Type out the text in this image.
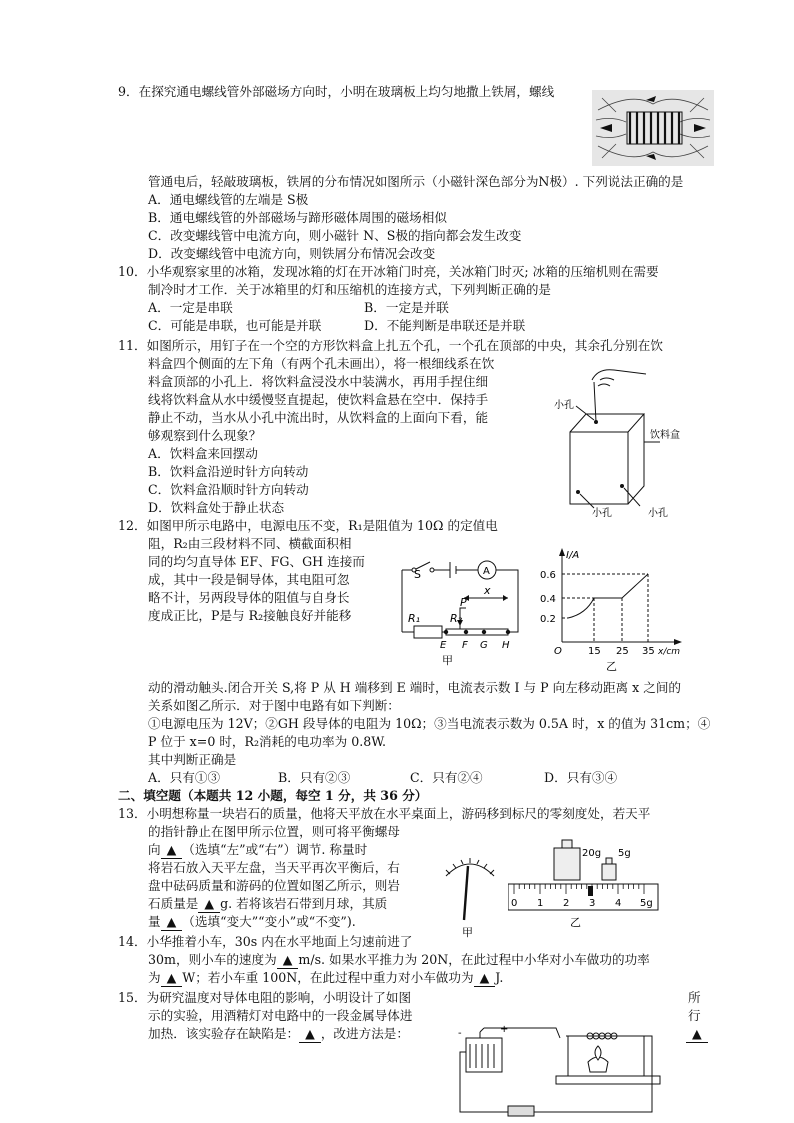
9．在探究通电螺线管外部磁场方向时，小明在玻璃板上均匀地撒上铁屑，螺线
管通电后，轻敲玻璃板，铁屑的分布情况如图所示（小磁针深色部分为N极）. 下列说法正确的是
A．通电螺线管的左端是 S极
B．通电螺线管的外部磁场与蹄形磁体周围的磁场相似
C．改变螺线管中电流方向，则小磁针 N、S极的指向都会发生改变
D．改变螺线管中电流方向，则铁屑分布情况会改变
10．小华观察家里的冰箱，发现冰箱的灯在开冰箱门时亮，关冰箱门时灭; 冰箱的压缩机则在需要
制冷时才工作．关于冰箱里的灯和压缩机的连接方式，下列判断正确的是
A．一定是串联	B．一定是并联
C．可能是串联，也可能是并联	D．不能判断是串联还是并联
11．如图所示，用钉子在一个空的方形饮料盒上扎五个孔，一个孔在顶部的中央，其余孔分别在饮
料盒四个侧面的左下角（有两个孔未画出），将一根细线系在饮
料盒顶部的小孔上．将饮料盒浸没水中装满水，再用手捏住细
线将饮料盒从水中缓慢竖直提起，使饮料盒悬在空中．保持手
静止不动，当水从小孔中流出时，从饮料盒的上面向下看，能
够观察到什么现象？
A．饮料盒来回摆动
B．饮料盒沿逆时针方向转动
C．饮料盒沿顺时针方向转动
D．饮料盒处于静止状态
小孔
饮料盒
小孔	小孔
12．如图甲所示电路中，电源电压不变，R₁是阻值为 10Ω 的定值电
阻，R₂由三段材料不同、横截面积相
同的均匀直导体 EF、FG、GH 连接而
成，其中一段是铜导体，其电阻可忽
略不计，另两段导体的阻值与自身长
度成正比，P是与 R₂接触良好并能移
S	A
P
x
R₁	R₂
E F G H
甲
I/A
0.6
0.4
0.2
O	15 25 35 x/cm
乙
动的滑动触头.闭合开关 S,将 P 从 H 端移到 E 端时，电流表示数 I 与 P 向左移动距离 x 之间的
关系如图乙所示．对于图中电路有如下判断：
①电源电压为 12V；②GH 段导体的电阻为 10Ω；③当电流表示数为 0.5A 时，x 的值为 31cm；④
P 位于 x=0 时，R₂消耗的电功率为 0.8W.
其中判断正确是
A．只有①③	B．只有②③	C．只有②④	D．只有③④
二、填空题（本题共 12 小题，每空 1 分，共 36 分）
13．小明想称量一块岩石的质量，他将天平放在水平桌面上，游码移到标尺的零刻度处，若天平
的指针静止在图甲所示位置，则可将平衡螺母
向 ▲ （选填“左”或“右”）调节. 称量时
将岩石放入天平左盘，当天平再次平衡后，右
盘中砝码质量和游码的位置如图乙所示，则岩
石质量是 ▲ g. 若将该岩石带到月球，其质
量 ▲ （选填“变大”“变小”或“不变”).
甲
20g 5g
0 1 2 3 4 5g
乙
14．小华推着小车，30s 内在水平地面上匀速前进了
30m，则小车的速度为 ▲ m/s. 如果水平推力为 20N，在此过程中小华对小车做功的功率
为 ▲ W；若小车重 100N，在此过程中重力对小车做功为 ▲ J.
15．为研究温度对导体电阻的影响，小明设计了如图	所
示的实验，用酒精灯对电路中的一段金属导体进	行
加热．该实验存在缺陷是： ▲ ，改进方法是：	▲
-	+
